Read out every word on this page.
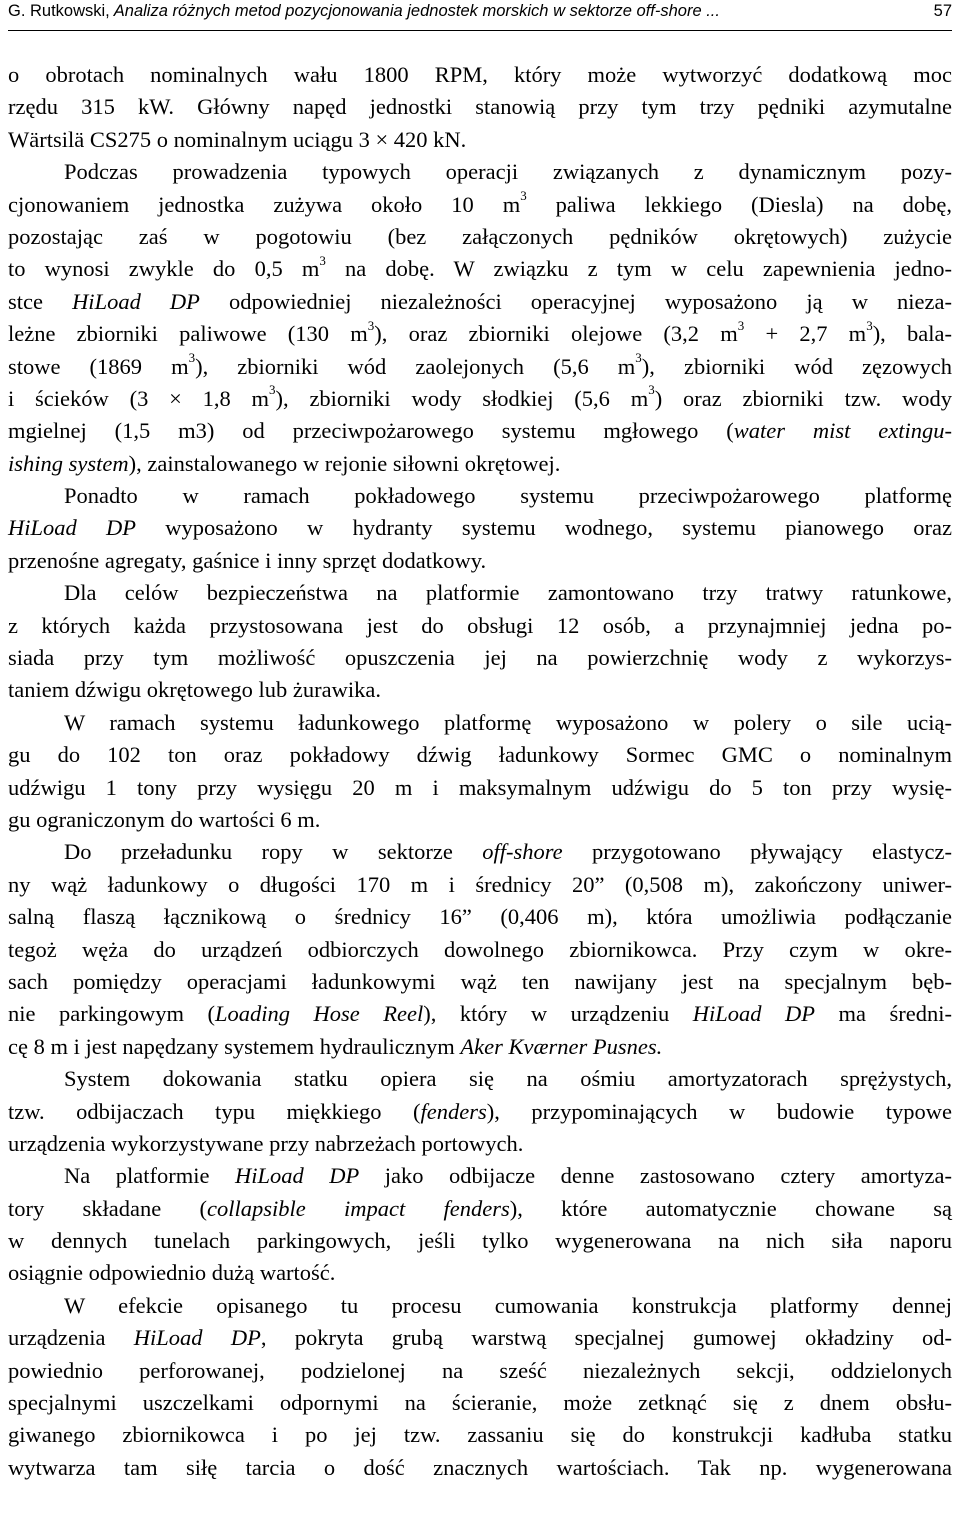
G. Rutkowski, Analiza różnych metod pozycjonowania jednostek morskich w sektorze off-shore ...	57
o obrotach nominalnych wału 1800 RPM, który może wytworzyć dodatkową moc
rzędu 315 kW. Główny napęd jednostki stanowią przy tym trzy pędniki azymutalne
Wärtsilä CS275 o nominalnym uciągu 3 × 420 kN.
Podczas prowadzenia typowych operacji związanych z dynamicznym pozy-
cjonowaniem jednostka zużywa około 10 $m^3$ paliwa lekkiego (Diesla) na dobę,
pozostając zaś w pogotowiu (bez załączonych pędników okrętowych) zużycie
to wynosi zwykle do 0,5 $m^3$ na dobę. W związku z tym w celu zapewnienia jedno-
stce HiLoad DP odpowiedniej niezależności operacyjnej wyposażono ją w nieza-
leżne zbiorniki paliwowe (130 $m^3$), oraz zbiorniki olejowe (3,2 $m^3 + 2,7$ $m^3$), bala-
stowe (1869 $m^3$), zbiorniki wód zaolejonych (5,6 $m^3$), zbiorniki wód zęzowych
i ścieków (3 × 1,8 $m^3$), zbiorniki wody słodkiej (5,6 $m^3$) oraz zbiorniki tzw. wody
mgielnej (1,5 m3) od przeciwpożarowego systemu mgłowego (water mist extingu-
ishing system), zainstalowanego w rejonie siłowni okrętowej.
Ponadto w ramach pokładowego systemu przeciwpożarowego platformę
HiLoad DP wyposażono w hydranty systemu wodnego, systemu pianowego oraz
przenośne agregaty, gaśnice i inny sprzęt dodatkowy.
Dla celów bezpieczeństwa na platformie zamontowano trzy tratwy ratunkowe,
z których każda przystosowana jest do obsługi 12 osób, a przynajmniej jedna po-
siada przy tym możliwość opuszczenia jej na powierzchnię wody z wykorzys-
taniem dźwigu okrętowego lub żurawika.
W ramach systemu ładunkowego platformę wyposażono w polery o sile ucią-
gu do 102 ton oraz pokładowy dźwig ładunkowy Sormec GMC o nominalnym
udźwigu 1 tony przy wysięgu 20 m i maksymalnym udźwigu do 5 ton przy wysię-
gu ograniczonym do wartości 6 m.
Do przeładunku ropy w sektorze off-shore przygotowano pływający elastycz-
ny wąż ładunkowy o długości 170 m i średnicy 20” (0,508 m), zakończony uniwer-
salną flaszą łącznikową o średnicy 16” (0,406 m), która umożliwia podłączanie
tegoż węża do urządzeń odbiorczych dowolnego zbiornikowca. Przy czym w okre-
sach pomiędzy operacjami ładunkowymi wąż ten nawijany jest na specjalnym bęb-
nie parkingowym (Loading Hose Reel), który w urządzeniu HiLoad DP ma średni-
cę 8 m i jest napędzany systemem hydraulicznym Aker Kværner Pusnes.
System dokowania statku opiera się na ośmiu amortyzatorach sprężystych,
tzw. odbijaczach typu miękkiego (fenders), przypominających w budowie typowe
urządzenia wykorzystywane przy nabrzeżach portowych.
Na platformie HiLoad DP jako odbijacze denne zastosowano cztery amortyza-
tory składane (collapsible impact fenders), które automatycznie chowane są
w dennych tunelach parkingowych, jeśli tylko wygenerowana na nich siła naporu
osiągnie odpowiednio dużą wartość.
W efekcie opisanego tu procesu cumowania konstrukcja platformy dennej
urządzenia HiLoad DP, pokryta grubą warstwą specjalnej gumowej okładziny od-
powiednio perforowanej, podzielonej na sześć niezależnych sekcji, oddzielonych
specjalnymi uszczelkami odpornymi na ścieranie, może zetknąć się z dnem obsłu-
giwanego zbiornikowca i po jej tzw. zassaniu się do konstrukcji kadłuba statku
wytwarza tam siłę tarcia o dość znacznych wartościach. Tak np. wygenerowana
